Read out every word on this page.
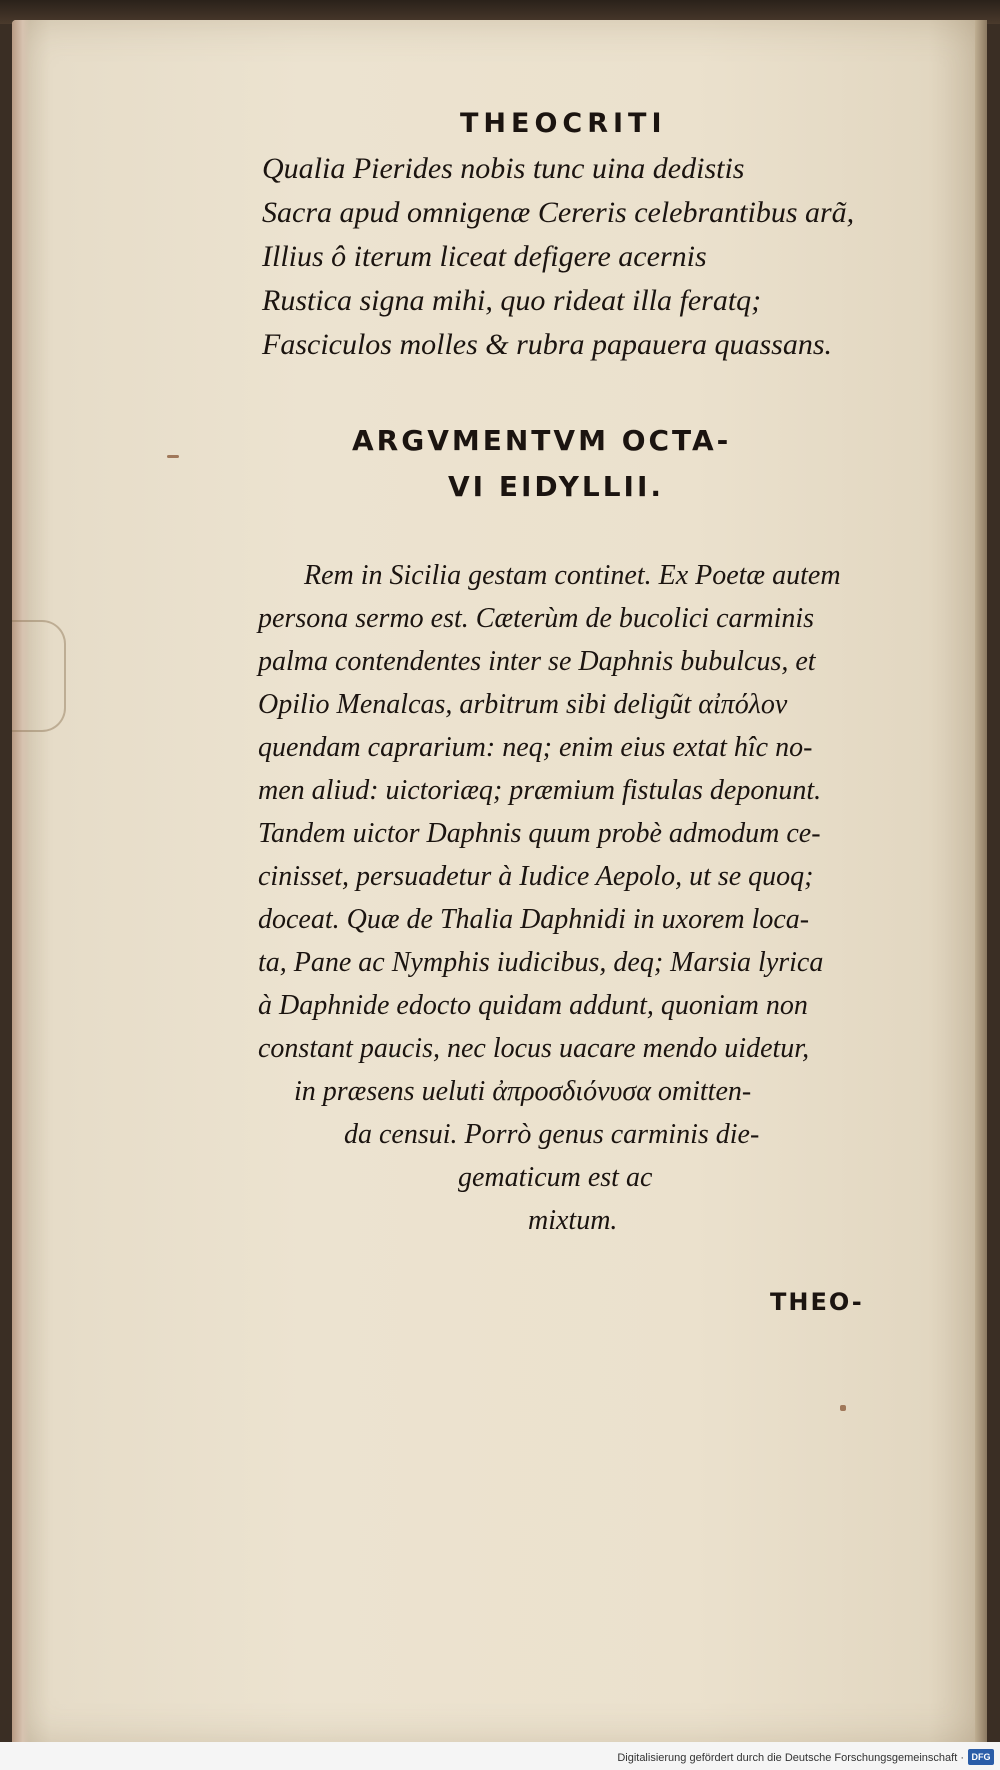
THEOCRITI
Qualia Pierides nobis tunc uina dedistis
Sacra apud omnigenæ Cereris celebrantibus arã,
Illius ô iterum liceat defigere acernis
Rustica signa mihi, quo rideat illa feratq;
Fasciculos molles & rubra papauera quassans.
ARGVMENTVM OCTA-
VI EIDYLLII.
Rem in Sicilia gestam continet. Ex Poetæ autem
persona sermo est. Cæterùm de bucolici carminis
palma contendentes inter se Daphnis bubulcus, et
Opilio Menalcas, arbitrum sibi deligũt αἰπόλον
quendam caprarium: neq; enim eius extat hîc no-
men aliud: uictoriæq; præmium fistulas deponunt.
Tandem uictor Daphnis quum probè admodum ce-
cinisset, persuadetur à Iudice Aepolo, ut se quoq;
doceat. Quæ de Thalia Daphnidi in uxorem loca-
ta, Pane ac Nymphis iudicibus, deq; Marsia lyrica
à Daphnide edocto quidam addunt, quoniam non
constant paucis, nec locus uacare mendo uidetur,
in præsens ueluti ἀπροσδιόνυσα omitten-
da censui. Porrò genus carminis die-
gematicum est ac
mixtum.
THEO-
Digitalisierung gefördert durch die Deutsche Forschungsgemeinschaft · DFG
